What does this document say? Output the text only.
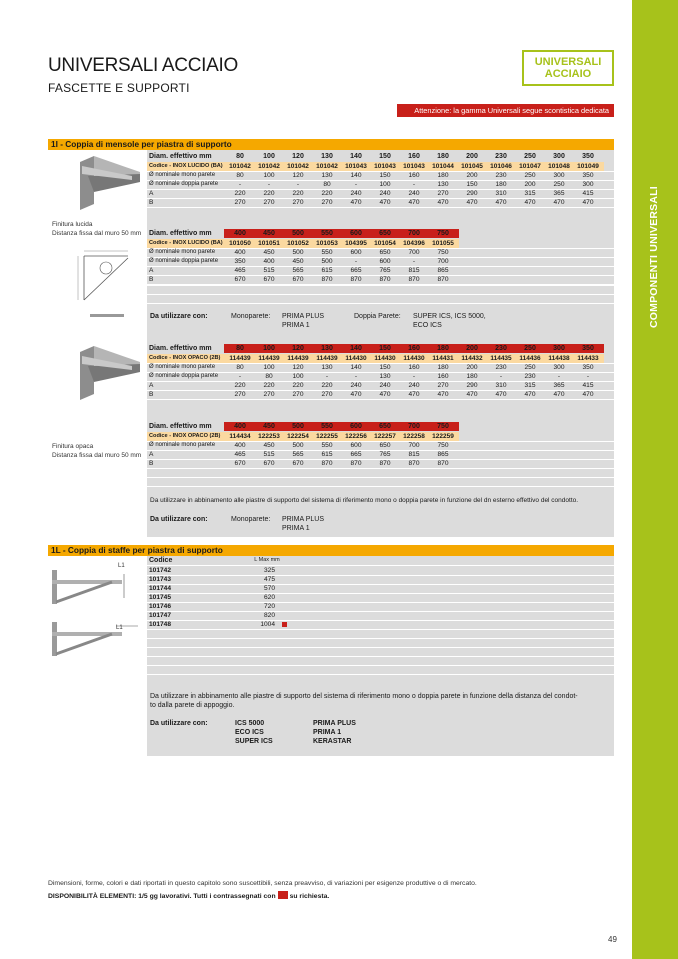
COMPONENTI UNIVERSALI
UNIVERSALI ACCIAIO
FASCETTE E SUPPORTI
UNIVERSALI
ACCIAIO
Attenzione: la gamma Universali segue scontistica dedicata
1I - Coppia di mensole per piastra di supporto
Finitura lucida
Distanza fissa dal muro 50 mm
Finitura opaca
Distanza fissa dal muro 50 mm
Diam. effettivo mm	80	100	120	130	140	150	160	180	200	230	250	300	350
Codice - INOX LUCIDO (BA) 101042	101042	101042	101042	101043	101043	101043	101044	101045	101046	101047	101048	101049
Ø nominale mono parete	80	100	120	130	140	150	160	180	200	230	250	300	350
Ø nominale doppia parete	-	-	-	80	-	100	-	130	150	180	200	250	300
A	220	220	220	220	240	240	240	270	290	310	315	365	415
B	270	270	270	270	470	470	470	470	470	470	470	470	470
Diam. effettivo mm	400	450	500	550	600	650	700	750
Codice - INOX LUCIDO (BA) 101050	101051	101052	101053	104395	101054	104396	101055
Ø nominale mono parete	400	450	500	550	600	650	700	750
Ø nominale doppia parete	350	400	450	500	-	600	-	700
A	465	515	565	615	665	765	815	865
B	670	670	670	870	870	870	870	870
Diam. effettivo mm	80	100	120	130	140	150	160	180	200	230	250	300	350
Codice - INOX OPACO (2B)	114439	114439	114439	114439	114430	114430	114430	114431	114432	114435	114436	114438	114433
Ø nominale mono parete	80	100	120	130	140	150	160	180	200	230	250	300	350
Ø nominale doppia parete	-	80	100	-	-	130	-	160	180	-	230	-	-
A	220	220	220	220	240	240	240	270	290	310	315	365	415
B	270	270	270	270	470	470	470	470	470	470	470	470	470
Diam. effettivo mm	400	450	500	550	600	650	700	750
Codice - INOX OPACO (2B)	114434	122253	122254	122255	122256	122257	122258	122259
Ø nominale mono parete	400	450	500	550	600	650	700	750
A	465	515	565	615	665	765	815	865
B	670	670	670	870	870	870	870	870
Da utilizzare con:	Monoparete: PRIMA PLUS
PRIMA 1
Doppia Parete: SUPER ICS, ICS 5000,
ECO ICS
Da utilizzare in abbinamento alle piastre di supporto del sistema di riferimento mono o doppia parete in funzione del dn esterno effettivo del condotto.
Da utilizzare con:	Monoparete: PRIMA PLUS
PRIMA 1
1L - Coppia di staffe per piastra di supporto
L1
L1
Codice	L Max mm
101742	325
101743	475
101744	570
101745	620
101746	720
101747	820
101748	1004
Da utilizzare in abbinamento alle piastre di supporto del sistema di riferimento mono o doppia parete in funzione della distanza del condot-
to dalla parete di appoggio.
Da utilizzare con:	ICS 5000
ECO ICS
SUPER ICS
PRIMA PLUS
PRIMA 1
KERASTAR
Dimensioni, forme, colori e dati riportati in questo capitolo sono suscettibili, senza preavviso, di variazioni per esigenze produttive o di mercato.
DISPONIBILITÀ ELEMENTI: 1/5 gg lavorativi. Tutti i contrassegnati con su richiesta.
49
